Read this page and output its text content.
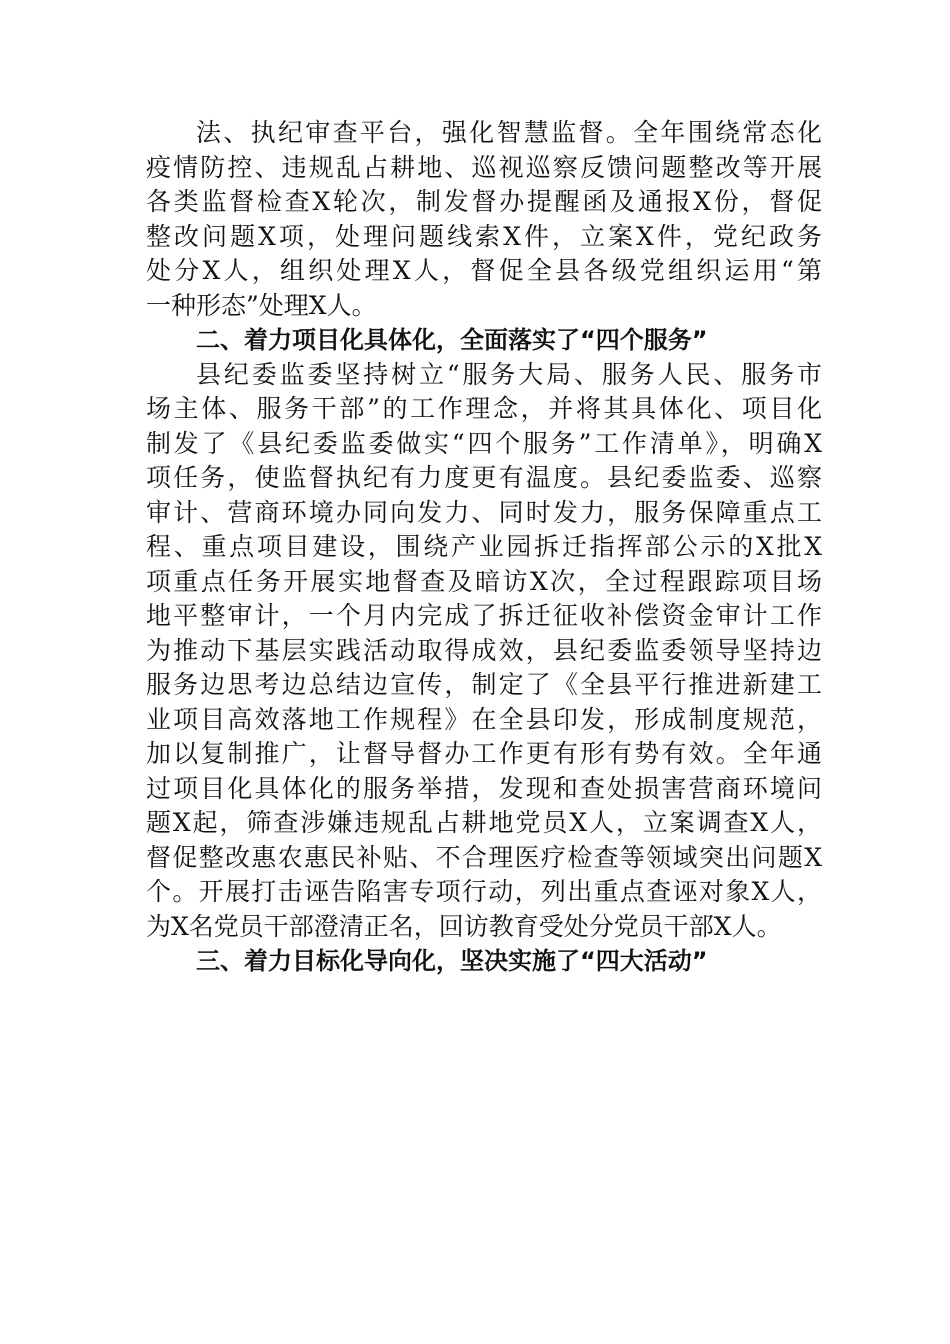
法、执纪审查平台，强化智慧监督。全年围绕常态化
疫情防控、违规乱占耕地、巡视巡察反馈问题整改等开展
各类监督检查X轮次，制发督办提醒函及通报X份，督促
整改问题X项，处理问题线索X件，立案X件，党纪政务
处分X人，组织处理X人，督促全县各级党组织运用“第
一种形态”处理X人。
二、着力项目化具体化，全面落实了“四个服务”
县纪委监委坚持树立“服务大局、服务人民、服务市
场主体、服务干部”的工作理念，并将其具体化、项目化
制发了《县纪委监委做实“四个服务”工作清单》，明确X
项任务，使监督执纪有力度更有温度。县纪委监委、巡察
审计、营商环境办同向发力、同时发力，服务保障重点工
程、重点项目建设，围绕产业园拆迁指挥部公示的X批X
项重点任务开展实地督查及暗访X次，全过程跟踪项目场
地平整审计，一个月内完成了拆迁征收补偿资金审计工作
为推动下基层实践活动取得成效，县纪委监委领导坚持边
服务边思考边总结边宣传，制定了《全县平行推进新建工
业项目高效落地工作规程》在全县印发，形成制度规范，
加以复制推广，让督导督办工作更有形有势有效。全年通
过项目化具体化的服务举措，发现和查处损害营商环境问
题X起，筛查涉嫌违规乱占耕地党员X人，立案调查X人，
督促整改惠农惠民补贴、不合理医疗检查等领域突出问题X
个。开展打击诬告陷害专项行动，列出重点查诬对象X人，
为X名党员干部澄清正名，回访教育受处分党员干部X人。
三、着力目标化导向化，坚决实施了“四大活动”
